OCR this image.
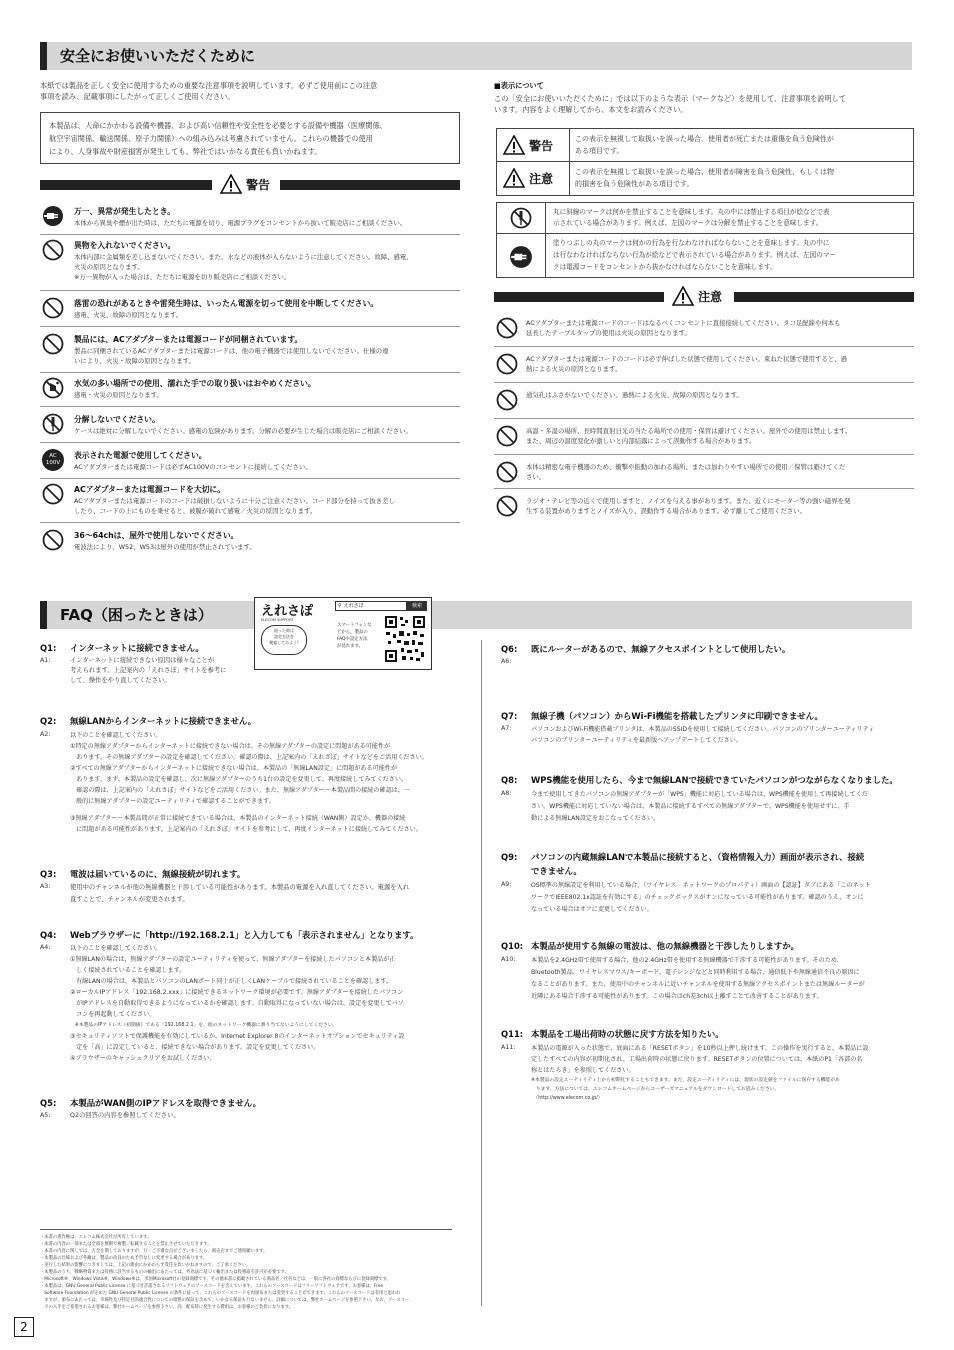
安全にお使いいただくために
本紙では製品を正しく安全に使用するための重要な注意事項を説明しています。必ずご使用前にこの注意
事項を読み、記載事項にしたがって正しくご使用ください。
本製品は、人命にかかわる設備や機器、および高い信頼性や安全性を必要とする設備や機器（医療関係、
航空宇宙関係、輸送関係、原子力関係）への組み込みは考慮されていません。これらの機器での使用
により、人身事故や財産損害が発生しても、弊社ではいかなる責任も負いかねます。
警告
万一、異常が発生したとき。
本体から異臭や煙が出た時は、ただちに電源を切り、電源プラグをコンセントから抜いて販売店にご相談ください。
異物を入れないでください。
本体内部に金属類を差し込まないでください。また、水などの液体が入らないように注意してください。故障、感電、
火災の原因となります。
※万一異物が入った場合は、ただちに電源を切り販売店にご相談ください。
落雷の恐れがあるときや雷発生時は、いったん電源を切って使用を中断してください。
感電、火災、故障の原因となります。
製品には、ACアダプターまたは電源コードが同梱されています。
製品に同梱されているACアダプターまたは電源コードは、他の電子機器では使用しないでください。仕様の違
いにより、火災・故障の原因となります。
水気の多い場所での使用、濡れた手での取り扱いはおやめください。
感電・火災の原因となります。
分解しないでください。
ケースは絶対に分解しないでください。感電の危険があります。分解の必要が生じた場合は販売店にご相談ください。
AC
100V
表示された電源で使用してください。
ACアダプターまたは電源コードは必ずAC100Vのコンセントに接続してください。
ACアダプターまたは電源コードを大切に。
ACアダプターまたは電源コードのコードは破損しないように十分ご注意ください。コード部分を持って抜き差し
したり、コードの上にものを乗せると、被膜が破れて感電／火災の原因となります。
36～64chは、屋外で使用しないでください。
電波法により、W52、W53は屋外の使用が禁止されています。
■表示について
この「安全にお使いいただくために」では以下のような表示（マークなど）を使用して、注意事項を説明して
います。内容をよく理解してから、本文をお読みください。
警告	この表示を無視して取扱いを誤った場合、使用者が死亡または重傷を負う危険性が
ある項目です。
注意	この表示を無視して取扱いを誤った場合、使用者が障害を負う危険性、もしくは物
的損害を負う危険性がある項目です。
丸に斜線のマークは何かを禁止することを意味します。丸の中には禁止する項目が絵などで表
示されている場合があります。例えば、左図のマークは分解を禁止することを意味します。
塗りつぶしの丸のマークは何かの行為を行なわなければならないことを意味します。丸の中に
は行なわなければならない行為が絵などで表示されている場合があります。例えば、左図のマー
クは電源コードをコンセントから抜かなければならないことを意味します。
注意
ACアダプターまたは電源コードのコードはなるべくコンセントに直接接続してください。タコ足配線や何本も
延長したテーブルタップの使用は火災の原因となります。
ACアダプターまたは電源コードのコードは必ず伸ばした状態で使用してください。束ねた状態で使用すると、過
熱による火災の原因となります。
通気孔はふさがないでください。過熱による火災、故障の原因となります。
高温・多湿の場所、長時間直射日光の当たる場所での使用・保管は避けてください。屋外での使用は禁止します。
また、周辺の温度変化が激しいと内部結露によって誤動作する場合があります。
本体は精密な電子機器のため、衝撃や振動の加わる場所、または加わりやすい場所での使用／保管は避けてくだ
さい。
ラジオ・テレビ等の近くで使用しますと、ノイズを与える事があります。また、近くにモーター等の強い磁界を発
生する装置がありますとノイズが入り、誤動作する場合があります。必ず離してご使用ください。
FAQ（困ったときは）	えれさぽ
ELECOM SUPPORT
困った時は
設定方法を
検索してみよう!
⚲ えれさぽ	検索
スマートフォンな
どから、製品の
FAQや設定方法
が見れます。
Q1: インターネットに接続できません。
A1:	インターネットに接続できない原因は様々なことが
考えられます。上記案内の「えれさぽ」サイトを参考に
して、操作をやり直してください。
Q2: 無線LANからインターネットに接続できません。
A2:	以下のことを確認してください。
①特定の無線アダプターからインターネットに接続できない場合は、その無線アダプターの設定に問題がある可能性が
　あります。その無線アダプターの設定を確認してください。確認の際は、上記案内の「えれさぽ」サイトなどをご活用ください。
②すべての無線アダプターからインターネットに接続できない場合は、本製品の「無線LAN設定」に問題がある可能性が
　あります。まず、本製品の設定を確認し、次に無線アダプターのうち1台の設定を変更して、再度接続してみてください。
　確認の際は、上記案内の「えれさぽ」サイトなどをご活用ください。また、無線アダプター～本製品間の接続の確認は、一
　般的に無線アダプターの設定ユーティリティで確認することができます。
③無線アダプター～本製品間が正常に接続できている場合は、本製品のインターネット接続（WAN側）設定か、機器の接続
　に問題がある可能性があります。上記案内の「えれさぽ」サイトを参考にして、再度インターネットに接続してみてください。
Q3: 電波は届いているのに、無線接続が切れます。
A3:	使用中のチャンネルが他の無線機器と干渉している可能性があります。本製品の電源を入れ直してください。電源を入れ
直すことで、チャンネルが変更されます。
Q4: Webブラウザーに「http://192.168.2.1」と入力しても「表示されません」となります。
A4:	以下のことを確認してください。
①無線LANの場合は、無線アダプターの設定ユーティリティを使って、無線アダプターを接続したパソコンと本製品が正
　しく接続されていることを確認します。
　有線LANの場合は、本製品とパソコンのLANポート同士が正しくLANケーブルで接続されていることを確認します。
②ローカルIPアドレス「192.168.2.xxx」に接続できるネットワーク環境が必要です。無線アダプターを接続したパソコン
　がIPアドレスを自動取得できるようになっているかを確認します。自動取得になっていない場合は、設定を変更してパソ
　コンを再起動してください。
　※本製品のIPアドレス（初期値）である「192.168.2.1」を、他のネットワーク機器に割り当てないようにしてください。
③セキュリティソフトで保護機能を有効にしているか、Internet Explorer 8のインターネットオプションでセキュリティ設
　定を「高」に設定していると、接続できない場合があります。設定を変更してください。
④ブラウザーのキャッシュクリアをお試しください。
Q5: 本製品がWAN側のIPアドレスを取得できません。
A5:	Q2の回答の内容を参照してください。
Q6: 既にルーターがあるので、無線アクセスポイントとして使用したい。
A6:
Q7: 無線子機（パソコン）からWi-Fi機能を搭載したプリンタに印刷できません。
A7:	パソコンおよびWi-Fi機能搭載プリンタは、本製品のSSIDを使用して接続してください。パソコンのプリンターユーティリティ
パソコンのプリンターユーティリティを最新版へアップデートしてください。
Q8: WPS機能を使用したら、今まで無線LANで接続できていたパソコンがつながらなくなりました。
A8:	今まで使用してきたパソコンの無線アダプターが「WPS」機能に対応している場合は、WPS機能を使用して再接続してくだ
さい。WPS機能に対応していない場合は、本製品に接続するすべての無線アダプターで、WPS機能を使用せずに、手
動による無線LAN設定をおこなってください。
Q9: パソコンの内蔵無線LANで本製品に接続すると、（資格情報入力）画面が表示され、接続
できません。
A9:	OS標準の無線設定を利用している場合、（ワイヤレス　ネットワークのプロパティ）画面の【認証】タブにある「このネット
ワークでIEEE802.1x認証を有効にする」のチェックボックスがオンになっている可能性があります。確認のうえ、オンに
なっている場合はオフに変更してください。
Q10: 本製品が使用する無線の電波は、他の無線機器と干渉したりしますか。
A10:	本製品を2.4GHz帯で使用する場合、他の2.4GHz帯を使用する無線機器で干渉する可能性があります。そのため、
Bluetooth製品、ワイヤレスマウス/キーボード、電子レンジなどと同時利用する場合、通信低下や無線通信不良の原因に
なることがあります。また、使用中のチャンネルに近いチャンネルを使用する無線アクセスポイントまたは無線ルーターが
近隣にある場合干渉する可能性があります。この場合はch差3ch以上離すことで改善することがあります。
Q11: 本製品を工場出荷時の状態に戻す方法を知りたい。
A11:	本製品の電源が入った状態で、底面にある「RESETボタン」を10秒以上押し続けます。この操作を実行すると、本製品に設
定したすべての内容が初期化され、工場出荷時の状態に戻ります。RESETボタンの位置については、本紙のP1「各部の名
称とはたらき」を参照してください。
※本製品の設定ユーティリティ上から初期化することもできます。また、設定ユーティリティには、現状の設定値をファイルに保存する機能があ
　ります。方法については、エレコムホームページからユーザーズマニュアルをダウンロードしてお読みください。
　（http://www.elecom.co.jp/）
・本書の著作権は、エレコム株式会社が所有しています。
・本書の内容の一部または全部を無断で複製／転載することを禁止させていただきます。
・本書の内容に関しては、万全を期しておりますが、万一ご不審な点がございましたら、販売店までご連絡願います。
・本製品の仕様および外観は、製品の改良のため予告なしに変更する場合があります。
・実行した結果の影響につきましては、上記の理由にかかわらず責任を負いかねますので、ご了承ください。
・本製品のうち、戦略物資または役務に該当するものの輸出にあたっては、外為法に基づく輸出または役務取引許可が必要です。
・Microsoft®、Windows Vista®、Windows®は、米国Microsoft社の登録商標です。その他本書に掲載されている商品名／社名などは、一般に各社の商標ならびに登録商標です。
・本製品は、GNU General Public License に基づき許諾されるソフトウェアのソースコードを含んでいます。これらのソースコードはフリーソフトウェアです。お客様は、Free
　Software Foundation が定めた GNU General Public License の条件に従って、これらのソースコードを再頒布または変更することができます。これらのソースコードは有用と思われ
　ますが、頒布にあたっては、市場性及び特定目的適合性についての暗黙の保証を含めて、いかなる保証も行ないません。詳細については、弊社ホームページを参照下さい。なお、ソースコー
　ドの入手をご希望されるお客様は、弊社ホームページを参照下さい。尚、配布時に発生する費用は、お客様のご負担になります。
2
